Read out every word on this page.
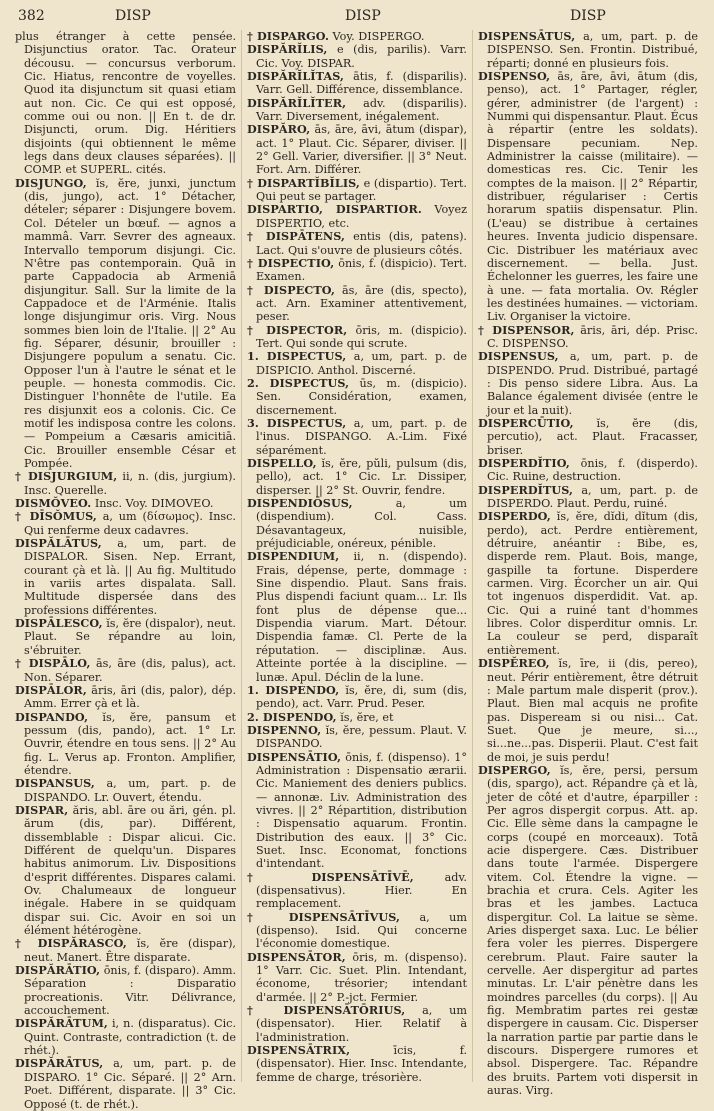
382	DISP	DISP	DISP

plus étranger à cette pensée. Disjunctius orator. Tac. Orateur décousu. — concursus verborum. Cic. Hiatus, rencontre de voyelles. Quod ita disjunctum sit quasi etiam aut non. Cic. Ce qui est opposé, comme oui ou non. || En t. de dr. Disjuncti, orum. Dig. Héritiers disjoints (qui obtiennent le même legs dans deux clauses séparées). || COMP. et SUPERL. cités.

DISJUNGO, ĭs, ĕre, junxi, junctum (dis, jungo), act. 1° Détacher, dételer; séparer : Disjungere bovem. Col. Dételer un bœuf. — agnos a mammâ. Varr. Sevrer des agneaux. Intervallo temporum disjungi. Cic. N'être pas contemporain. Quā in parte Cappadocia ab Armeniā disjungitur. Sall. Sur la limite de la Cappadoce et de l'Arménie. Italis longe disjungimur oris. Virg. Nous sommes bien loin de l'Italie. || 2° Au fig. Séparer, désunir, brouiller : Disjungere populum a senatu. Cic. Opposer l'un à l'autre le sénat et le peuple. — honesta commodis. Cic. Distinguer l'honnête de l'utile. Ea res disjunxit eos a colonis. Cic. Ce motif les indisposa contre les colons. — Pompeium a Cæsaris amicitiā. Cic. Brouiller ensemble César et Pompée.

† DISJURGIUM, ii, n. (dis, jurgium). Insc. Querelle.

DISMŎVEO. Insc. Voy. DIMOVEO.

† DĪSŎMUS, a, um (δίσωμος). Insc. Qui renferme deux cadavres.

DISPĂLĀTUS, a, um, part. de DISPALOR. Sisen. Nep. Errant, courant çà et là. || Au fig. Multitudo in variis artes dispalata. Sall. Multitude dispersée dans des professions différentes.

DISPĀLESCO, ĭs, ĕre (dispalor), neut. Plaut. Se répandre au loin, s'ébruiter.

† DISPĀLO, ās, āre (dis, palus), act. Non. Séparer.

DISPĀLOR, āris, āri (dis, palor), dép. Amm. Errer çà et là.

DISPANDO, ĭs, ĕre, pansum et pessum (dis, pando), act. 1° Lr. Ouvrir, étendre en tous sens. || 2° Au fig. L. Verus ap. Fronton. Amplifier, étendre.

DISPANSUS, a, um, part. p. de DISPANDO. Lr. Ouvert, étendu.

DISPAR, ăris, abl. āre ou ări, gén. pl. ărum (dis, par). Différent, dissemblable : Dispar alicui. Cic. Différent de quelqu'un. Dispares habitus animorum. Liv. Dispositions d'esprit différentes. Dispares calami. Ov. Chalumeaux de longueur inégale. Habere in se quidquam dispar sui. Cic. Avoir en soi un élément hétérogène.

† DISPĂRASCO, ĭs, ĕre (dispar), neut. Manert. Être disparate.

DISPĂRĀTIO, ōnis, f. (disparo). Amm. Séparation : Disparatio procreationis. Vitr. Délivrance, accouchement.

DISPĂRĀTUM, i, n. (disparatus). Cic. Quint. Contraste, contradiction (t. de rhét.).

DISPĂRĀTUS, a, um, part. p. de DISPARO. 1° Cic. Séparé. || 2° Arn. Poet. Différent, disparate. || 3° Cic. Opposé (t. de rhét.).

† DISPARGO. Voy. DISPERGO.

DISPĂRĬLIS, e (dis, parilis). Varr. Cic. Voy. DISPAR.

DISPĂRĬLĬTAS, ātis, f. (disparilis). Varr. Gell. Différence, dissemblance.

DISPĂRĬLĬTER, adv. (disparilis). Varr. Diversement, inégalement.

DISPĂRO, ās, āre, āvi, ātum (dispar), act. 1° Plaut. Cic. Séparer, diviser. || 2° Gell. Varier, diversifier. || 3° Neut. Fort. Arn. Différer.

† DISPARTĬBĬLIS, e (dispartio). Tert. Qui peut se partager.

DISPARTIO, DISPARTIOR. Voyez DISPERTIO, etc.

† DISPĀTENS, entis (dis, patens). Lact. Qui s'ouvre de plusieurs côtés.

† DISPECTIO, ōnis, f. (dispicio). Tert. Examen.

† DISPECTO, ās, āre (dis, specto), act. Arn. Examiner attentivement, peser.

† DISPECTOR, ōris, m. (dispicio). Tert. Qui sonde qui scrute.

1. DISPECTUS, a, um, part. p. de DISPICIO. Anthol. Discerné.

2. DISPECTUS, ūs, m. (dispicio). Sen. Considération, examen, discernement.

3. DISPECTUS, a, um, part. p. de l'inus. DISPANGO. A.-Lim. Fixé séparément.

DISPELLO, ĭs, ĕre, pŭli, pulsum (dis, pello), act. 1° Cic. Lr. Dissiper, disperser. || 2° St. Ouvrir, fendre.

DISPENDIŌSUS,	a, um (dispendium). Col. Cass. Désavantageux, nuisible, préjudiciable, onéreux, pénible.

DISPENDIUM, ii, n. (dispendo). Frais, dépense, perte, dommage : Sine dispendio. Plaut. Sans frais. Plus dispendi faciunt quam... Lr. Ils font plus de dépense que... Dispendia viarum. Mart. Détour. Dispendia famæ. Cl. Perte de la réputation. — disciplinæ. Aus. Atteinte portée à la discipline. — lunæ. Apul. Déclin de la lune.

1. DISPENDO, ĭs, ĕre, di, sum (dis, pendo), act. Varr. Prud. Peser.

2. DISPENDO, ĭs, ĕre, et

DISPENNO, ĭs, ĕre, pessum. Plaut. V. DISPANDO.

DISPENSĀTIO, ōnis, f. (dispenso). 1° Administration : Dispensatio ærarii. Cic. Maniement des deniers publics. — annonæ. Liv. Administration des vivres. || 2° Répartition, distribution : Dispensatio aquarum. Frontin. Distribution des eaux. || 3° Cic. Suet. Insc. Economat, fonctions d'intendant.

† DISPENSĀTĪVĒ,	adv. (dispensativus). Hier. En remplacement.

† DISPENSĀTĪVUS, a, um (dispenso). Isid. Qui concerne l'économie domestique.

DISPENSĀTOR, ōris, m. (dispenso). 1° Varr. Cic. Suet. Plin. Intendant, économe, trésorier; intendant d'armée. || 2° P.-jct. Fermier.

† DISPENSĀTŌRIUS, a, um (dispensator). Hier. Relatif à l'administration.

DISPENSĀTRIX,	īcis, f. (dispensator). Hier. Insc. Intendante, femme de charge, trésorière.

DISPENSĀTUS, a, um, part. p. de DISPENSO. Sen. Frontin. Distribué, réparti; donné en plusieurs fois.

DISPENSO, ās, āre, āvi, ātum (dis, penso), act. 1° Partager, régler, gérer, administrer (de l'argent) : Nummi qui dispensantur. Plaut. Écus à répartir (entre les soldats). Dispensare pecuniam. Nep. Administrer la caisse (militaire). — domesticas res. Cic. Tenir les comptes de la maison. || 2° Répartir, distribuer, régulariser : Certis horarum spatiis dispensatur. Plin. (L'eau) se distribue à certaines heures. Inventa judicio dispensare. Cic. Distribuer les matériaux avec discernement. — bella. Just. Échelonner les guerres, les faire une à une. — fata mortalia. Ov. Régler les destinées humaines. — victoriam. Liv. Organiser la victoire.

† DISPENSOR, āris, āri, dép. Prisc. C. DISPENSO.

DISPENSUS, a, um, part. p. de DISPENDO. Prud. Distribué, partagé : Dis penso sidere Libra. Aus. La Balance également divisée (entre le jour et la nuit).

DISPERCŪTIO, ĭs, ĕre (dis, percutio), act. Plaut. Fracasser, briser.

DISPERDĬTIO, ōnis, f. (disperdo). Cic. Ruine, destruction.

DISPERDĬTUS, a, um, part. p. de DISPERDO. Plaut. Perdu, ruiné.

DISPERDO, ĭs, ĕre, dĭdi, dĭtum (dis, perdo), act. Perdre entièrement, détruire, anéantir : Bibe, es, disperde rem. Plaut. Bois, mange, gaspille ta fortune. Disperdere carmen. Virg. Écorcher un air. Qui tot ingenuos disperdidit. Vat. ap. Cic. Qui a ruiné tant d'hommes libres. Color disperditur omnis. Lr. La couleur se perd, disparaît entièrement.

DISPĔREO, ĭs, īre, ii (dis, pereo), neut. Périr entièrement, être détruit : Male partum male disperit (prov.). Plaut. Bien mal acquis ne profite pas. Dispeream si ou nisi... Cat. Suet. Que je meure, si..., si...ne...pas. Disperii. Plaut. C'est fait de moi, je suis perdu!

DISPERGO, ĭs, ĕre, persi, persum (dis, spargo), act. Répandre çà et là, jeter de côté et d'autre, éparpiller : Per agros dispergit corpus. Att. ap. Cic. Elle sème dans la campagne le corps (coupé en morceaux). Totā acie dispergere. Cæs. Distribuer dans toute l'armée. Dispergere vitem. Col. Étendre la vigne. — brachia et crura. Cels. Agiter les bras et les jambes. Lactuca dispergitur. Col. La laitue se sème. Aries disperget saxa. Luc. Le bélier fera voler les pierres. Dispergere cerebrum. Plaut. Faire sauter la cervelle. Aer dispergitur ad partes minutas. Lr. L'air pénètre dans les moindres parcelles (du corps). || Au fig. Membratim partes rei gestæ dispergere in causam. Cic. Disperser la narration partie par partie dans le discours. Dispergere rumores et absol. Dispergere. Tac. Répandre des bruits. Partem voti dispersit in auras. Virg.
